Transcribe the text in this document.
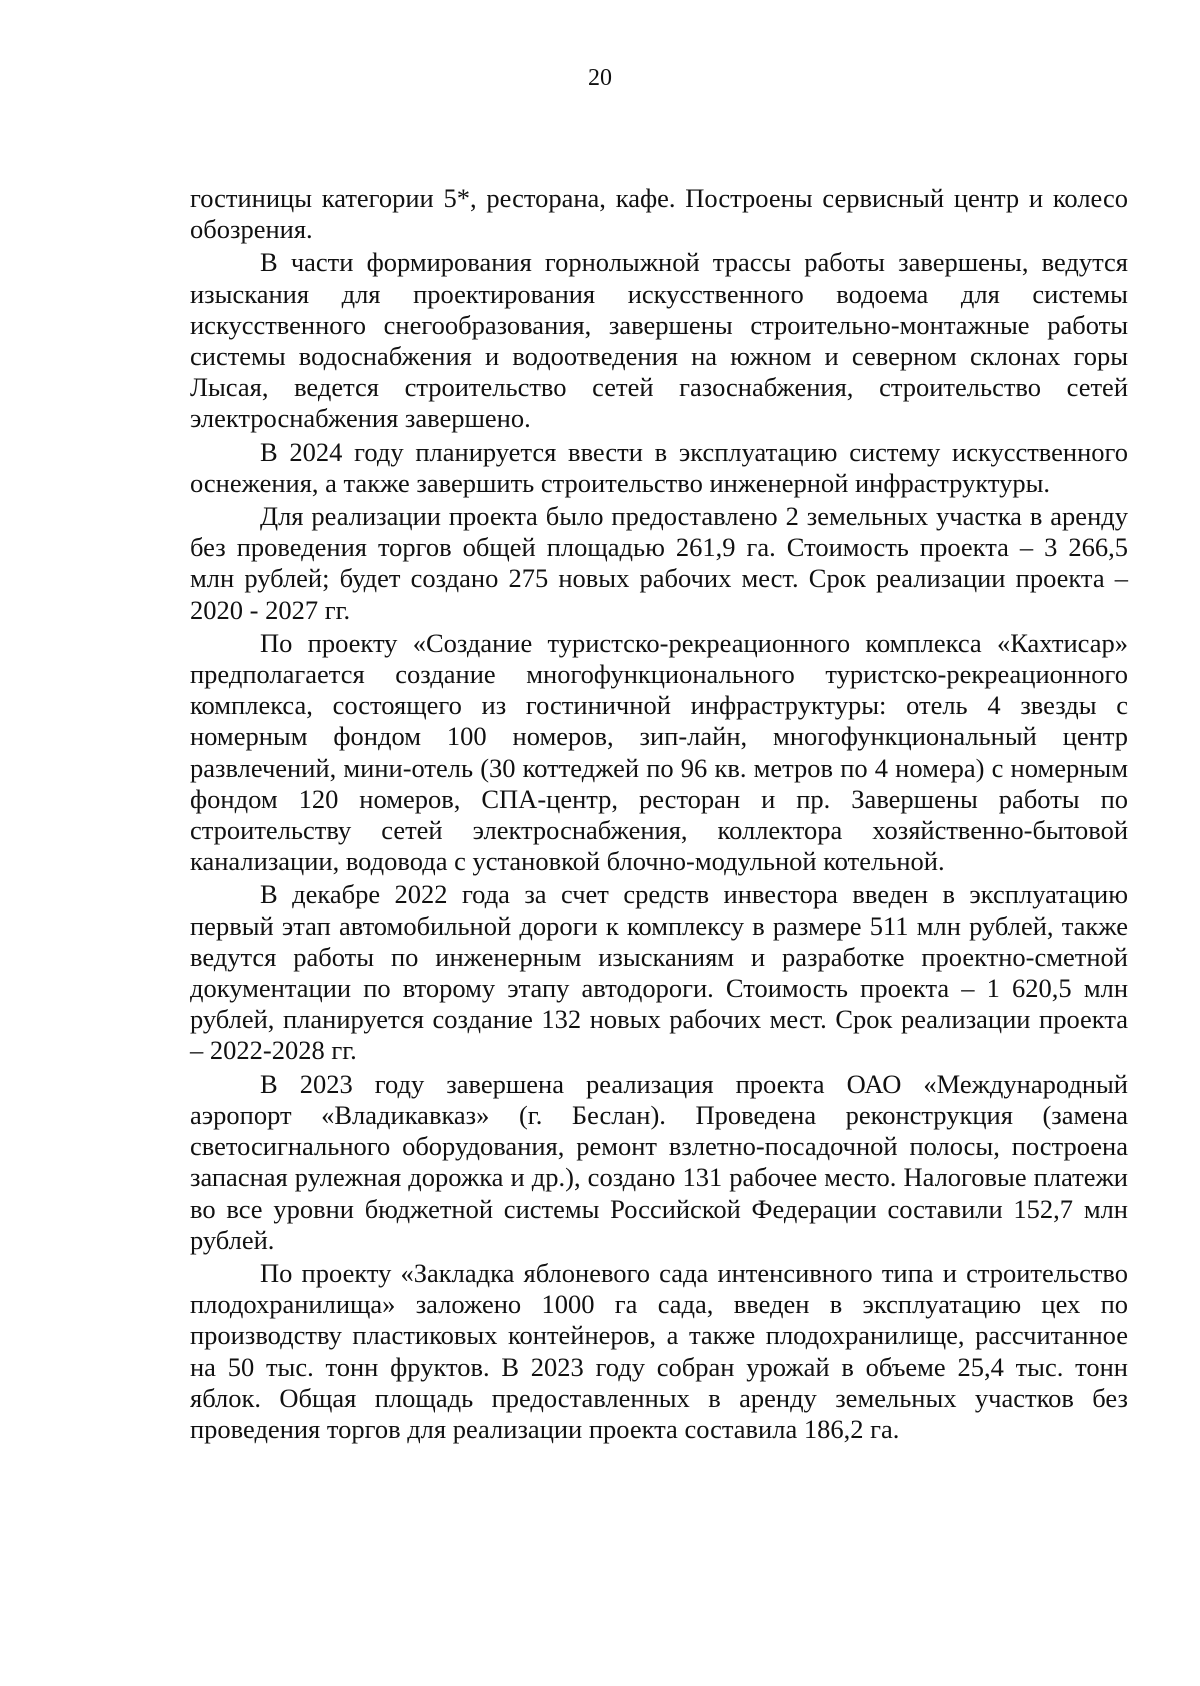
20

гостиницы категории 5*, ресторана, кафе. Построены сервисный центр и колесо обозрения.

В части формирования горнолыжной трассы работы завершены, ведутся изыскания для проектирования искусственного водоема для системы искусственного снегообразования, завершены строительно-монтажные работы системы водоснабжения и водоотведения на южном и северном склонах горы Лысая, ведется строительство сетей газоснабжения, строительство сетей электроснабжения завершено.

В 2024 году планируется ввести в эксплуатацию систему искусственного оснежения, а также завершить строительство инженерной инфраструктуры.

Для реализации проекта было предоставлено 2 земельных участка в аренду без проведения торгов общей площадью 261,9 га. Стоимость проекта – 3 266,5 млн рублей; будет создано 275 новых рабочих мест. Срок реализации проекта – 2020 - 2027 гг.

По проекту «Создание туристско-рекреационного комплекса «Кахтисар» предполагается создание многофункционального туристско-рекреационного комплекса, состоящего из гостиничной инфраструктуры: отель 4 звезды с номерным фондом 100 номеров, зип-лайн, многофункциональный центр развлечений, мини-отель (30 коттеджей по 96 кв. метров по 4 номера) с номерным фондом 120 номеров, СПА-центр, ресторан и пр. Завершены работы по строительству сетей электроснабжения, коллектора хозяйственно-бытовой канализации, водовода с установкой блочно-модульной котельной.

В декабре 2022 года за счет средств инвестора введен в эксплуатацию первый этап автомобильной дороги к комплексу в размере 511 млн рублей, также ведутся работы по инженерным изысканиям и разработке проектно-сметной документации по второму этапу автодороги. Стоимость проекта – 1 620,5 млн рублей, планируется создание 132 новых рабочих мест. Срок реализации проекта – 2022-2028 гг.

В 2023 году завершена реализация проекта ОАО «Международный аэропорт «Владикавказ» (г. Беслан). Проведена реконструкция (замена светосигнального оборудования, ремонт взлетно-посадочной полосы, построена запасная рулежная дорожка и др.), создано 131 рабочее место. Налоговые платежи во все уровни бюджетной системы Российской Федерации составили 152,7 млн рублей.

По проекту «Закладка яблоневого сада интенсивного типа и строительство плодохранилища» заложено 1000 га сада, введен в эксплуатацию цех по производству пластиковых контейнеров, а также плодохранилище, рассчитанное на 50 тыс. тонн фруктов. В 2023 году собран урожай в объеме 25,4 тыс. тонн яблок. Общая площадь предоставленных в аренду земельных участков без проведения торгов для реализации проекта составила 186,2 га.
